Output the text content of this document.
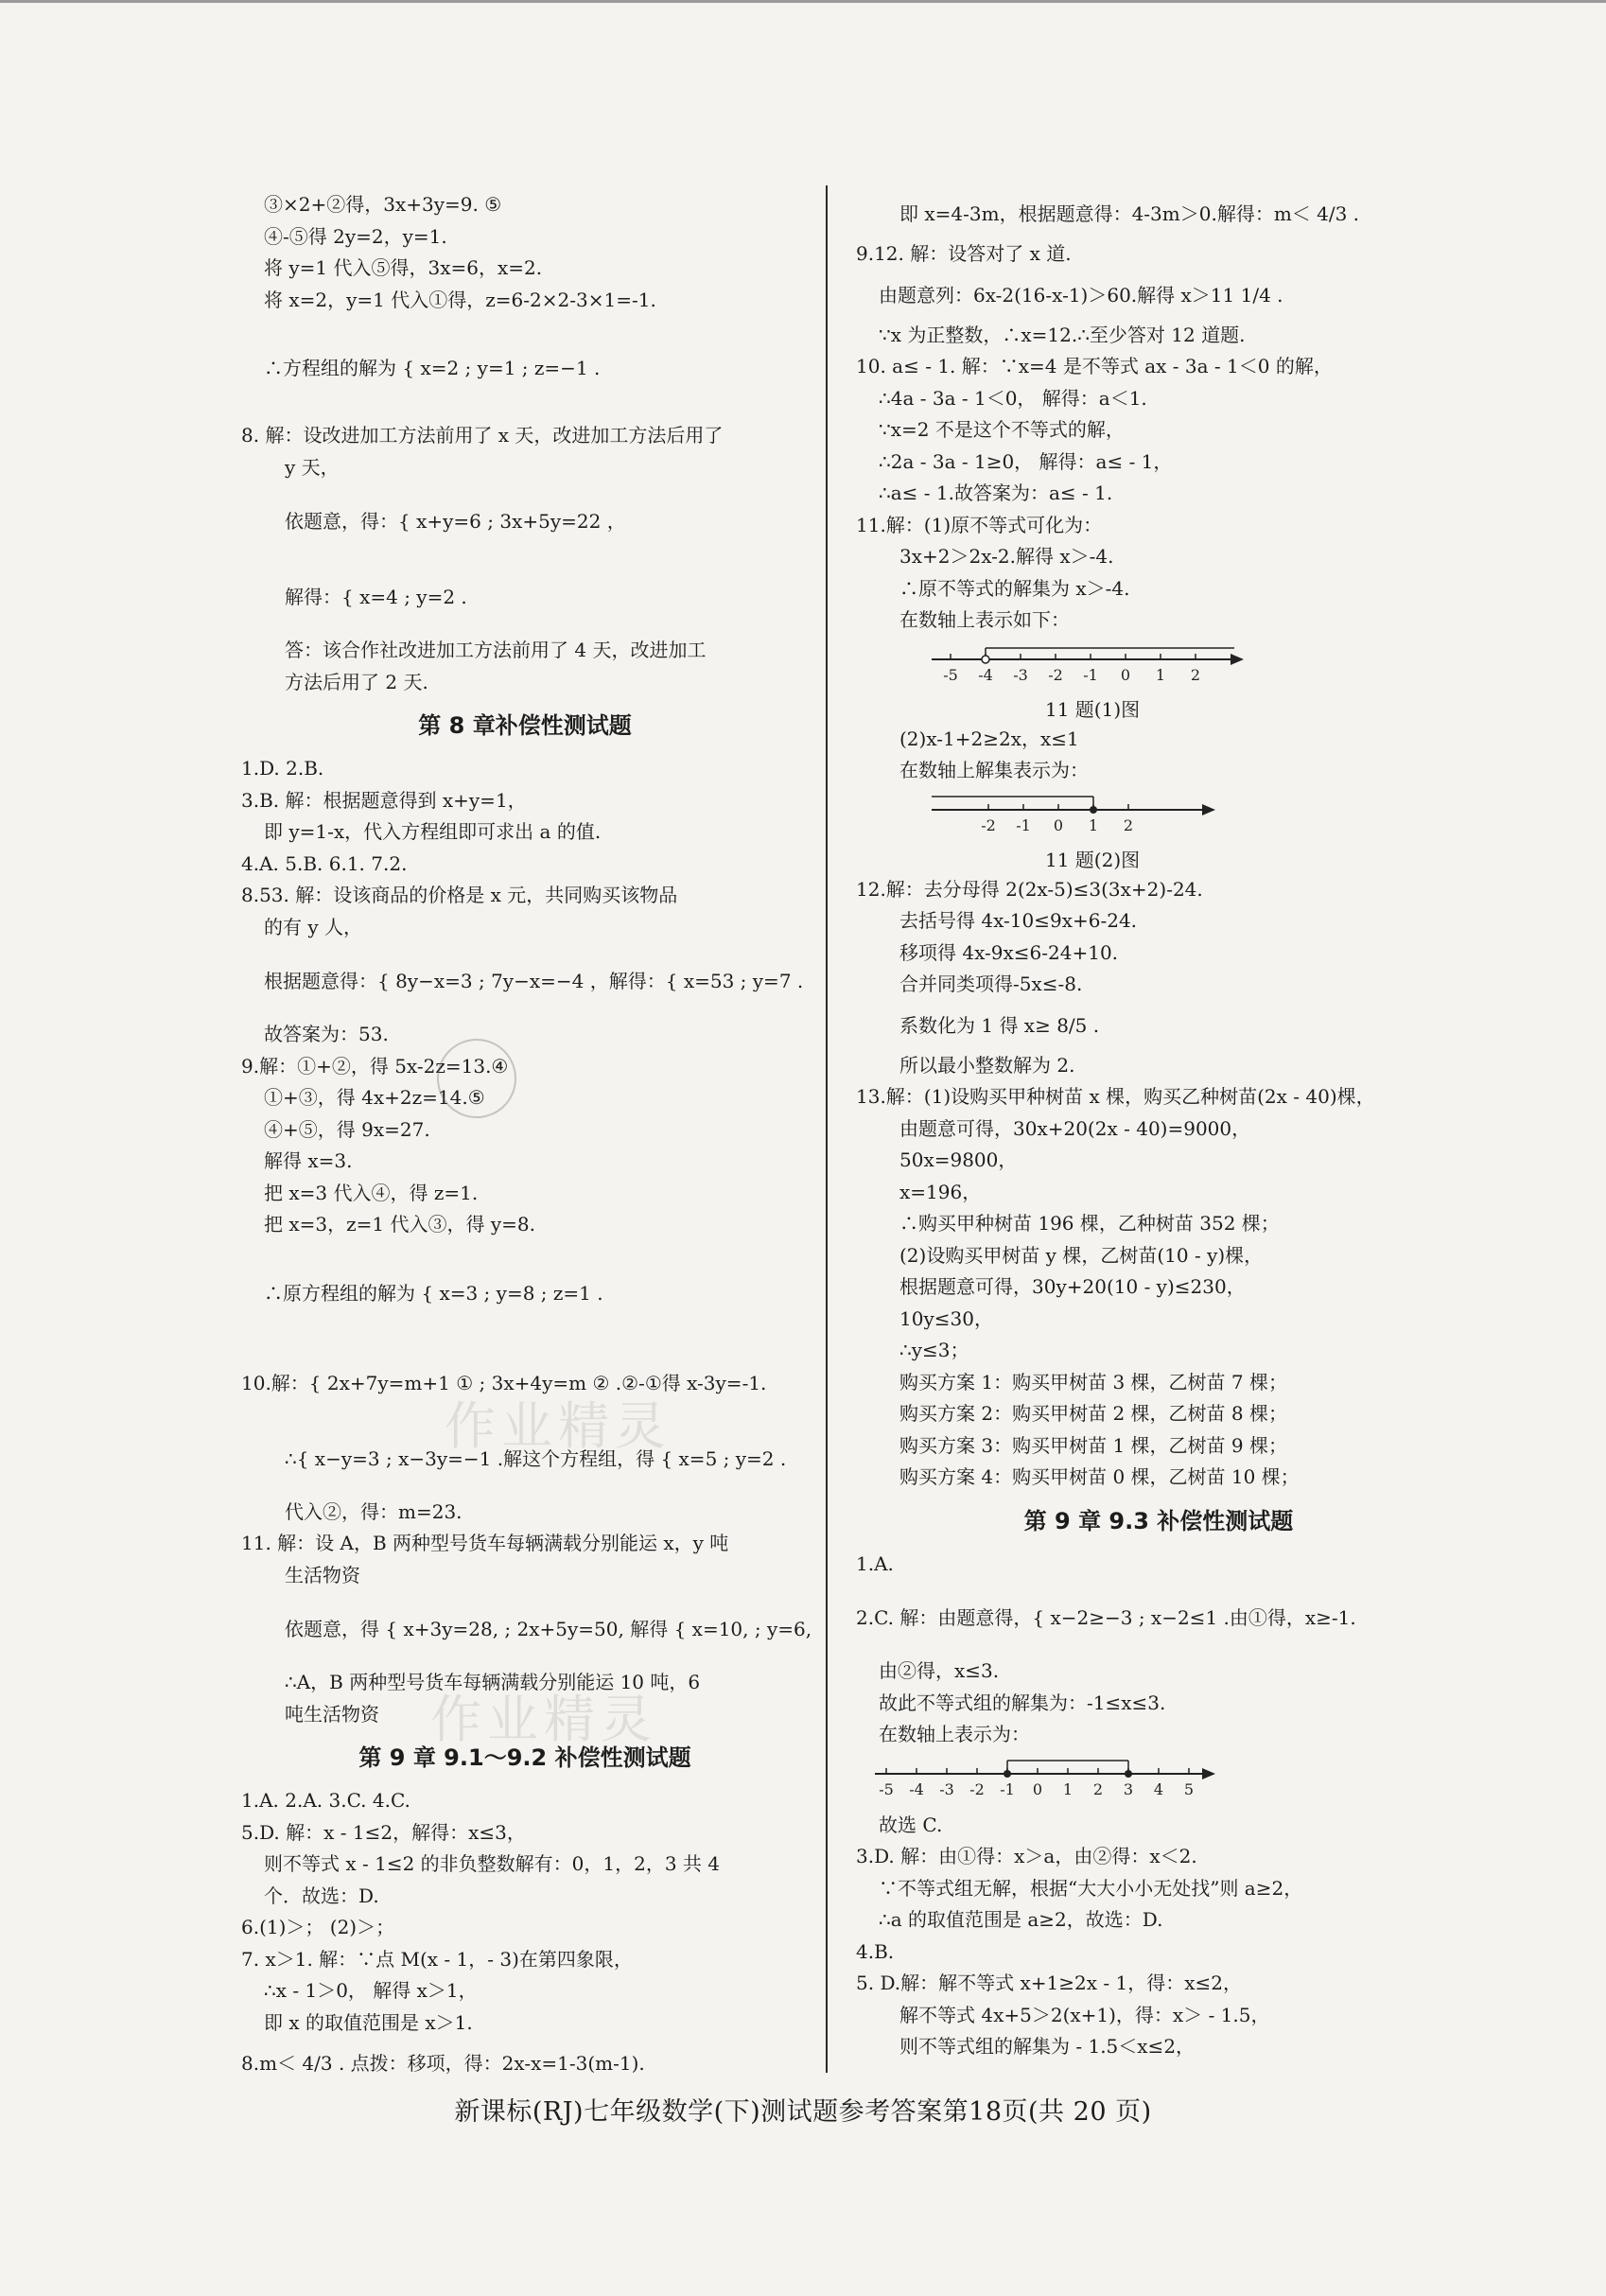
③×2+②得，3x+3y=9. ⑤
④-⑤得 2y=2，y=1.
将 y=1 代入⑤得，3x=6，x=2.
将 x=2，y=1 代入①得，z=6-2×2-3×1=-1.
∴方程组的解为 { x=2 ; y=1 ; z=−1 .
8. 解：设改进加工方法前用了 x 天，改进加工方法后用了
y 天，
依题意，得：{ x+y=6 ; 3x+5y=22 ，
解得：{ x=4 ; y=2 .
答：该合作社改进加工方法前用了 4 天，改进加工
方法后用了 2 天.
第 8 章补偿性测试题
1.D. 2.B.
3.B. 解：根据题意得到 x+y=1，
即 y=1-x，代入方程组即可求出 a 的值.
4.A. 5.B. 6.1. 7.2.
8.53. 解：设该商品的价格是 x 元，共同购买该物品
的有 y 人，
根据题意得：{ 8y−x=3 ; 7y−x=−4 ，解得：{ x=53 ; y=7 .
故答案为：53.
9.解：①+②，得 5x-2z=13.④
①+③，得 4x+2z=14.⑤
④+⑤，得 9x=27.
解得 x=3.
把 x=3 代入④，得 z=1.
把 x=3，z=1 代入③，得 y=8.
∴原方程组的解为 { x=3 ; y=8 ; z=1 .
10.解：{ 2x+7y=m+1 ① ; 3x+4y=m ② .②-①得 x-3y=-1.
∴{ x−y=3 ; x−3y=−1 .解这个方程组，得 { x=5 ; y=2 .
代入②，得：m=23.
11. 解：设 A，B 两种型号货车每辆满载分别能运 x，y 吨
生活物资
依题意，得 { x+3y=28, ; 2x+5y=50, 解得 { x=10, ; y=6,
∴A，B 两种型号货车每辆满载分别能运 10 吨，6
吨生活物资
第 9 章 9.1～9.2 补偿性测试题
1.A. 2.A. 3.C. 4.C.
5.D. 解：x - 1≤2，解得：x≤3，
则不等式 x - 1≤2 的非负整数解有：0，1，2，3 共 4
个．故选：D.
6.(1)＞； (2)＞；
7. x＞1. 解：∵点 M(x - 1，- 3)在第四象限，
∴x - 1＞0， 解得 x＞1，
即 x 的取值范围是 x＞1.
8.m＜ 4/3 . 点拨：移项，得：2x-x=1-3(m-1).
即 x=4-3m，根据题意得：4-3m＞0.解得：m＜ 4/3 .
9.12. 解：设答对了 x 道.
由题意列：6x-2(16-x-1)＞60.解得 x＞11 1/4 .
∵x 为正整数，∴x=12.∴至少答对 12 道题.
10. a≤ - 1. 解：∵x=4 是不等式 ax - 3a - 1＜0 的解，
∴4a - 3a - 1＜0， 解得：a＜1.
∵x=2 不是这个不等式的解，
∴2a - 3a - 1≥0， 解得：a≤ - 1，
∴a≤ - 1.故答案为：a≤ - 1.
11.解：(1)原不等式可化为：
3x+2＞2x-2.解得 x＞-4.
∴原不等式的解集为 x＞-4.
在数轴上表示如下：
-5 -4 -3 -2 -1 0 1 2
11 题(1)图
(2)x-1+2≥2x，x≤1
在数轴上解集表示为：
-2 -1 0 1 2
11 题(2)图
12.解：去分母得 2(2x-5)≤3(3x+2)-24.
去括号得 4x-10≤9x+6-24.
移项得 4x-9x≤6-24+10.
合并同类项得-5x≤-8.
系数化为 1 得 x≥ 8/5 .
所以最小整数解为 2.
13.解：(1)设购买甲种树苗 x 棵，购买乙种树苗(2x - 40)棵，
由题意可得，30x+20(2x - 40)=9000，
50x=9800，
x=196，
∴购买甲种树苗 196 棵，乙种树苗 352 棵；
(2)设购买甲树苗 y 棵，乙树苗(10 - y)棵，
根据题意可得，30y+20(10 - y)≤230，
10y≤30，
∴y≤3；
购买方案 1：购买甲树苗 3 棵，乙树苗 7 棵；
购买方案 2：购买甲树苗 2 棵，乙树苗 8 棵；
购买方案 3：购买甲树苗 1 棵，乙树苗 9 棵；
购买方案 4：购买甲树苗 0 棵，乙树苗 10 棵；
第 9 章 9.3 补偿性测试题
1.A.
2.C. 解：由题意得，{ x−2≥−3 ; x−2≤1 .由①得，x≥-1.
由②得，x≤3.
故此不等式组的解集为：-1≤x≤3.
在数轴上表示为：
-5 -4 -3 -2 -1 0 1 2 3 4 5
故选 C.
3.D. 解：由①得：x＞a，由②得：x＜2.
∵不等式组无解，根据“大大小小无处找”则 a≥2，
∴a 的取值范围是 a≥2，故选：D.
4.B.
5. D.解：解不等式 x+1≥2x - 1，得：x≤2，
解不等式 4x+5＞2(x+1)，得：x＞ - 1.5，
则不等式组的解集为 - 1.5＜x≤2，
作业精灵
作业精灵
新课标(RJ)七年级数学(下)测试题参考答案第18页(共 20 页)
